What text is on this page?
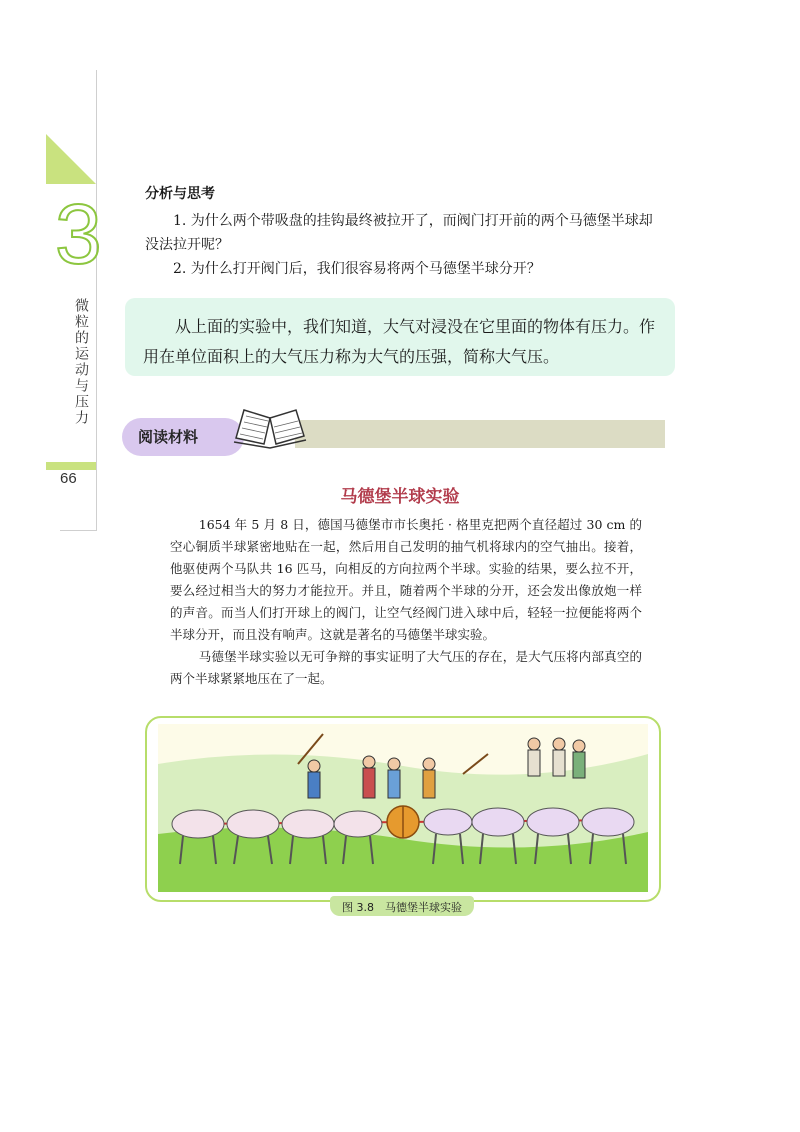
3
微粒的运动与压力
66
分析与思考

1. 为什么两个带吸盘的挂钩最终被拉开了，而阀门打开前的两个马德堡半球却没法拉开呢？

2. 为什么打开阀门后，我们很容易将两个马德堡半球分开？

从上面的实验中，我们知道，大气对浸没在它里面的物体有压力。作用在单位面积上的大气压力称为大气的压强，简称大气压。

阅读材料
马德堡半球实验

1654 年 5 月 8 日，德国马德堡市市长奥托 · 格里克把两个直径超过 30 cm 的空心铜质半球紧密地贴在一起，然后用自己发明的抽气机将球内的空气抽出。接着，他驱使两个马队共 16 匹马，向相反的方向拉两个半球。实验的结果，要么拉不开，要么经过相当大的努力才能拉开。并且，随着两个半球的分开，还会发出像放炮一样的声音。而当人们打开球上的阀门，让空气经阀门进入球中后，轻轻一拉便能将两个半球分开，而且没有响声。这就是著名的马德堡半球实验。

马德堡半球实验以无可争辩的事实证明了大气压的存在，是大气压将内部真空的两个半球紧紧地压在了一起。

图 3.8　马德堡半球实验
